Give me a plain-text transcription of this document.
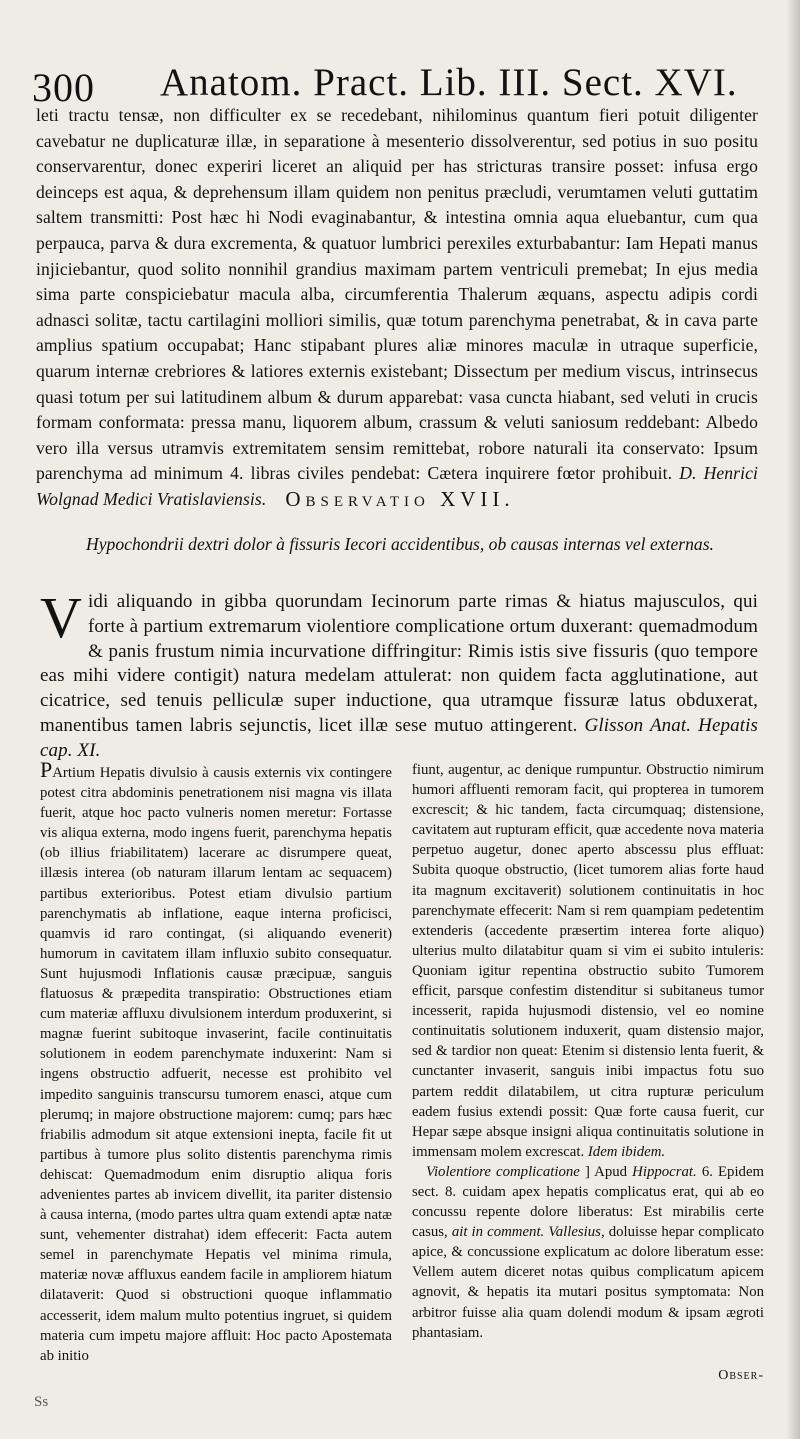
300 Anatom. Pract. Lib. III. Sect. XVI.

leti tractu tensæ, non difficulter ex se recedebant, nihilominus quantum fieri potuit diligenter cavebatur ne duplicaturæ illæ, in separatione à mesenterio dissolverentur, sed potius in suo positu conservarentur, donec experiri liceret an aliquid per has stricturas transire posset: infusa ergo deinceps est aqua, & deprehensum illam quidem non penitus præcludi, verumtamen veluti guttatim saltem transmitti: Post hæc hi Nodi evaginabantur, & intestina omnia aqua eluebantur, cum qua perpauca, parva & dura excrementa, & quatuor lumbrici perexiles exturbabantur: Iam Hepati manus injiciebantur, quod solito nonnihil grandius maximam partem ventriculi premebat; In ejus media sima parte conspiciebatur macula alba, circumferentia Thalerum æquans, aspectu adipis cordi adnasci solitæ, tactu cartilagini molliori similis, quæ totum parenchyma penetrabat, & in cava parte amplius spatium occupabat; Hanc stipabant plures aliæ minores maculæ in utraque superficie, quarum internæ crebriores & latiores externis existebant; Dissectum per medium viscus, intrinsecus quasi totum per sui latitudinem album & durum apparebat: vasa cuncta hiabant, sed veluti in crucis formam conformata: pressa manu, liquorem album, crassum & veluti saniosum reddebant: Albedo vero illa versus utramvis extremitatem sensim remittebat, robore naturali ita conservato: Ipsum parenchyma ad minimum 4. libras civiles pendebat: Cætera inquirere fœtor prohibuit. D. Henrici Wolgnad Medici Vratislaviensis. Observatio XVII.
Hypochondrii dextri dolor à fissuris Iecori accidentibus, ob causas internas vel externas.

Vidi aliquando in gibba quorundam Iecinorum parte rimas & hiatus majusculos, qui forte à partium extremarum violentiore complicatione ortum duxerant: quemadmodum & panis frustum nimia incurvatione diffringitur: Rimis istis sive fissuris (quo tempore eas mihi videre contigit) natura medelam attulerat: non quidem facta agglutinatione, aut cicatrice, sed tenuis pelliculæ super inductione, qua utramque fissuræ latus obduxerat, manentibus tamen labris sejunctis, licet illæ sese mutuo attingerent. Glisson Anat. Hepatis cap. XI.

PArtium Hepatis divulsio à causis externis vix contingere potest citra abdominis penetrationem nisi magna vis illata fuerit, atque hoc pacto vulneris nomen meretur: Fortasse vis aliqua externa, modo ingens fuerit, parenchyma hepatis (ob illius friabilitatem) lacerare ac disrumpere queat, illæsis interea (ob naturam illarum lentam ac sequacem) partibus exterioribus. Potest etiam divulsio partium parenchymatis ab inflatione, eaque interna proficisci, quamvis id raro contingat, (si aliquando evenerit) humorum in cavitatem illam influxio subito consequatur. Sunt hujusmodi Inflationis causæ præcipuæ, sanguis flatuosus & præpedita transpiratio: Obstructiones etiam cum materiæ affluxu divulsionem interdum produxerint, si magnæ fuerint subitoque invaserint, facile continuitatis solutionem in eodem parenchymate induxerint: Nam si ingens obstructio adfuerit, necesse est prohibito vel impedito sanguinis transcursu tumorem enasci, atque cum plerumq; in majore obstructione majorem: cumq; pars hæc friabilis admodum sit atque extensioni inepta, facile fit ut partibus à tumore plus solito distentis parenchyma rimis dehiscat: Quemadmodum enim disruptio aliqua foris advenientes partes ab invicem divellit, ita pariter distensio à causa interna, (modo partes ultra quam extendi aptæ natæ sunt, vehementer distrahat) idem effecerit: Facta autem semel in parenchymate Hepatis vel minima rimula, materiæ novæ affluxus eandem facile in ampliorem hiatum dilataverit: Quod si obstructioni quoque inflammatio accesserit, idem malum multo potentius ingruet, si quidem materia cum impetu majore affluit: Hoc pacto Apostemata ab initio

fiunt, augentur, ac denique rumpuntur. Obstructio nimirum humori affluenti remoram facit, qui propterea in tumorem excrescit; & hic tandem, facta circumquaq; distensione, cavitatem aut rupturam efficit, quæ accedente nova materia perpetuo augetur, donec aperto abscessu plus effluat: Subita quoque obstructio, (licet tumorem alias forte haud ita magnum excitaverit) solutionem continuitatis in hoc parenchymate effecerit: Nam si rem quampiam pedetentim extenderis (accedente præsertim interea forte aliquo) ulterius multo dilatabitur quam si vim ei subito intuleris: Quoniam igitur repentina obstructio subito Tumorem efficit, parsque confestim distenditur si subitaneus tumor incesserit, rapida hujusmodi distensio, vel eo nomine continuitatis solutionem induxerit, quam distensio major, sed & tardior non queat: Etenim si distensio lenta fuerit, & cunctanter invaserit, sanguis inibi impactus fotu suo partem reddit dilatabilem, ut citra rupturæ periculum eadem fusius extendi possit: Quæ forte causa fuerit, cur Hepar sæpe absque insigni aliqua continuitatis solutione in immensam molem excrescat. Idem ibidem.

Violentiore complicatione ] Apud Hippocrat. 6. Epidem sect. 8. cuidam apex hepatis complicatus erat, qui ab eo concussu repente dolore liberatus: Est mirabilis certe casus, ait in comment. Vallesius, doluisse hepar complicato apice, & concussione explicatum ac dolore liberatum esse: Vellem autem diceret notas quibus complicatum apicem agnovit, & hepatis ita mutari positus symptomata: Non arbitror fuisse alia quam dolendi modum & ipsam ægroti phantasiam.

Obser-
Ss
